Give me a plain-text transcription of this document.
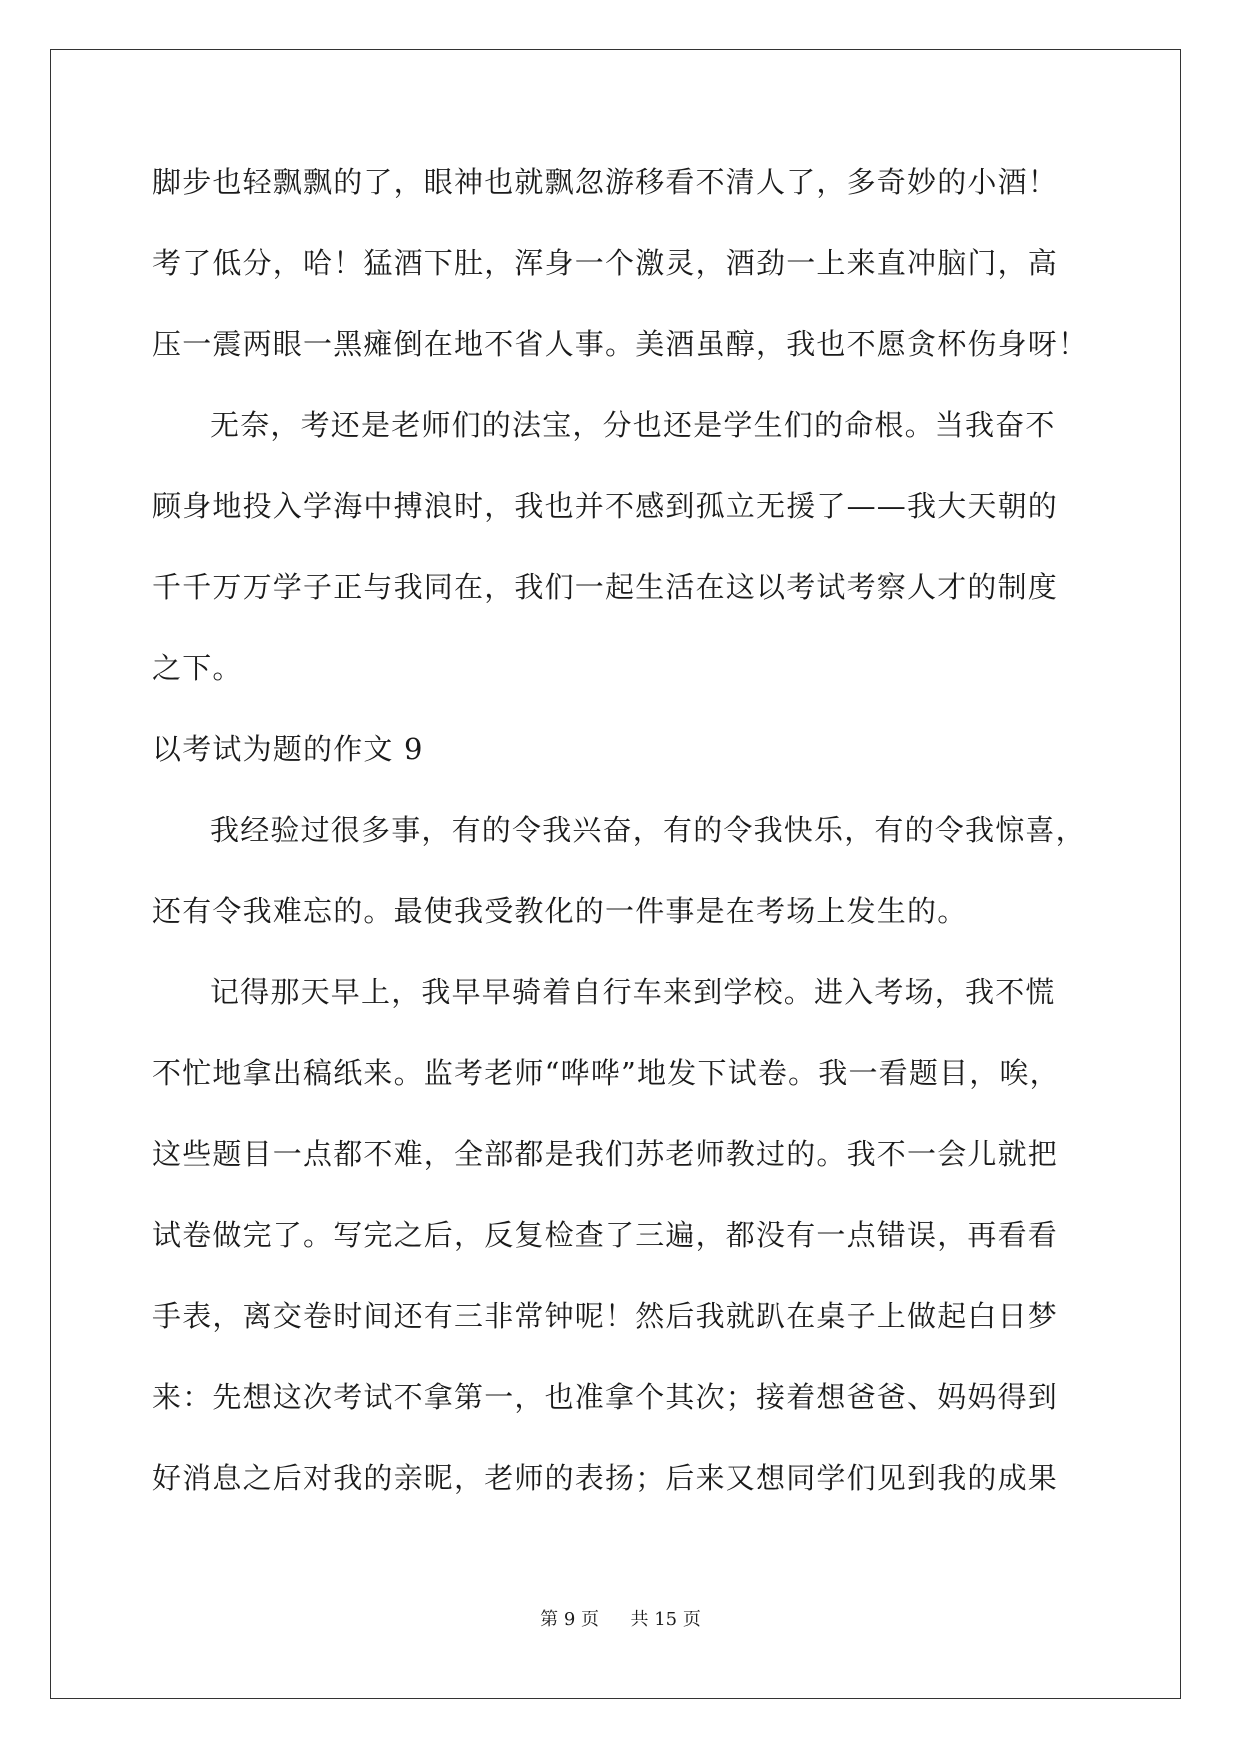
脚步也轻飘飘的了，眼神也就飘忽游移看不清人了，多奇妙的小酒！
考了低分，哈！猛酒下肚，浑身一个激灵，酒劲一上来直冲脑门，高
压一震两眼一黑瘫倒在地不省人事。美酒虽醇，我也不愿贪杯伤身呀！
无奈，考还是老师们的法宝，分也还是学生们的命根。当我奋不
顾身地投入学海中搏浪时，我也并不感到孤立无援了——我大天朝的
千千万万学子正与我同在，我们一起生活在这以考试考察人才的制度
之下。
以考试为题的作文 9
我经验过很多事，有的令我兴奋，有的令我快乐，有的令我惊喜，
还有令我难忘的。最使我受教化的一件事是在考场上发生的。
记得那天早上，我早早骑着自行车来到学校。进入考场，我不慌
不忙地拿出稿纸来。监考老师“哗哗”地发下试卷。我一看题目，唉，
这些题目一点都不难，全部都是我们苏老师教过的。我不一会儿就把
试卷做完了。写完之后，反复检查了三遍，都没有一点错误，再看看
手表，离交卷时间还有三非常钟呢！然后我就趴在桌子上做起白日梦
来：先想这次考试不拿第一，也准拿个其次；接着想爸爸、妈妈得到
好消息之后对我的亲昵，老师的表扬；后来又想同学们见到我的成果
第 9 页 共 15 页
